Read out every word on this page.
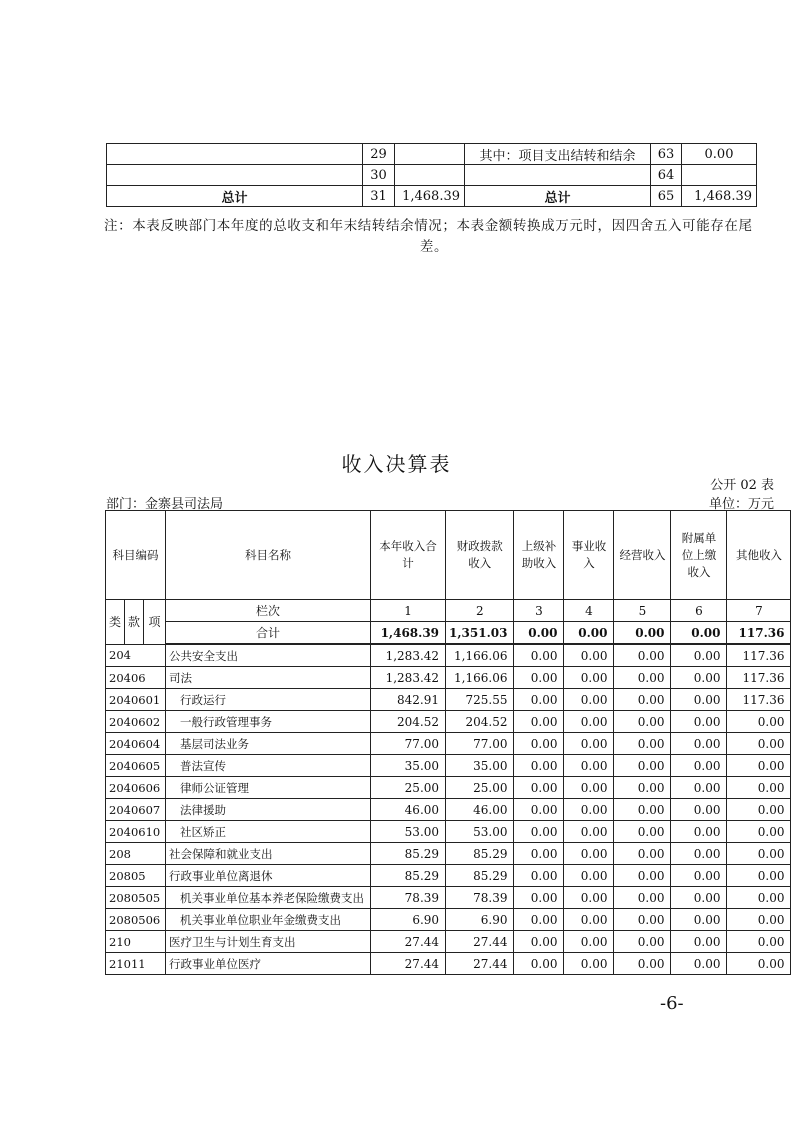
	29		其中：项目支出结转和结余	63	0.00
	30			64	
总计	31	1,468.39	总计	65	1,468.39
注：本表反映部门本年度的总收支和年末结转结余情况；本表金额转换成万元时，因四舍五入可能存在尾
差。
收入决算表
公开 02 表
部门：金寨县司法局	单位：万元
科目编码			科目名称	本年收入合计	财政拨款收入	上级补助收入	事业收入	经营收入	附属单位上缴收入	其他收入
类	款	项	栏次	1	2	3	4	5	6	7
			合计	1,468.39	1,351.03	0.00	0.00	0.00	0.00	117.36
204			公共安全支出	1,283.42	1,166.06	0.00	0.00	0.00	0.00	117.36
20406			司法	1,283.42	1,166.06	0.00	0.00	0.00	0.00	117.36
2040601			行政运行	842.91	725.55	0.00	0.00	0.00	0.00	117.36
2040602			一般行政管理事务	204.52	204.52	0.00	0.00	0.00	0.00	0.00
2040604			基层司法业务	77.00	77.00	0.00	0.00	0.00	0.00	0.00
2040605			普法宣传	35.00	35.00	0.00	0.00	0.00	0.00	0.00
2040606			律师公证管理	25.00	25.00	0.00	0.00	0.00	0.00	0.00
2040607			法律援助	46.00	46.00	0.00	0.00	0.00	0.00	0.00
2040610			社区矫正	53.00	53.00	0.00	0.00	0.00	0.00	0.00
208			社会保障和就业支出	85.29	85.29	0.00	0.00	0.00	0.00	0.00
20805			行政事业单位离退休	85.29	85.29	0.00	0.00	0.00	0.00	0.00
2080505			机关事业单位基本养老保险缴费支出	78.39	78.39	0.00	0.00	0.00	0.00	0.00
2080506			机关事业单位职业年金缴费支出	6.90	6.90	0.00	0.00	0.00	0.00	0.00
210			医疗卫生与计划生育支出	27.44	27.44	0.00	0.00	0.00	0.00	0.00
21011			行政事业单位医疗	27.44	27.44	0.00	0.00	0.00	0.00	0.00
-6-
